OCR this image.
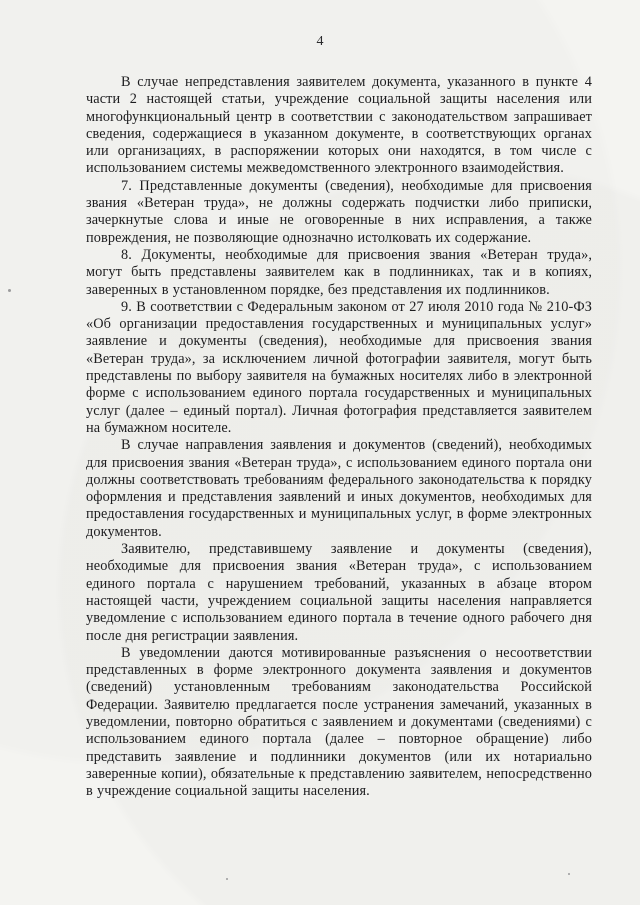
4

В случае непредставления заявителем документа, указанного в пункте 4 части 2 настоящей статьи, учреждение социальной защиты населения или многофункциональный центр в соответствии с законодательством запрашивает сведения, содержащиеся в указанном документе, в соответствующих органах или организациях, в распоряжении которых они находятся, в том числе с использованием системы межведомственного электронного взаимодействия.

7. Представленные документы (сведения), необходимые для присвоения звания «Ветеран труда», не должны содержать подчистки либо приписки, зачеркнутые слова и иные не оговоренные в них исправления, а также повреждения, не позволяющие однозначно истолковать их содержание.

8. Документы, необходимые для присвоения звания «Ветеран труда», могут быть представлены заявителем как в подлинниках, так и в копиях, заверенных в установленном порядке, без представления их подлинников.

9. В соответствии с Федеральным законом от 27 июля 2010 года № 210-ФЗ «Об организации предоставления государственных и муниципальных услуг» заявление и документы (сведения), необходимые для присвоения звания «Ветеран труда», за исключением личной фотографии заявителя, могут быть представлены по выбору заявителя на бумажных носителях либо в электронной форме с использованием единого портала государственных и муниципальных услуг (далее – единый портал). Личная фотография представляется заявителем на бумажном носителе.

В случае направления заявления и документов (сведений), необходимых для присвоения звания «Ветеран труда», с использованием единого портала они должны соответствовать требованиям федерального законодательства к порядку оформления и представления заявлений и иных документов, необходимых для предоставления государственных и муниципальных услуг, в форме электронных документов.

Заявителю, представившему заявление и документы (сведения), необходимые для присвоения звания «Ветеран труда», с использованием единого портала с нарушением требований, указанных в абзаце втором настоящей части, учреждением социальной защиты населения направляется уведомление с использованием единого портала в течение одного рабочего дня после дня регистрации заявления.

В уведомлении даются мотивированные разъяснения о несоответствии представленных в форме электронного документа заявления и документов (сведений) установленным требованиям законодательства Российской Федерации. Заявителю предлагается после устранения замечаний, указанных в уведомлении, повторно обратиться с заявлением и документами (сведениями) с использованием единого портала (далее – повторное обращение) либо представить заявление и подлинники документов (или их нотариально заверенные копии), обязательные к представлению заявителем, непосредственно в учреждение социальной защиты населения.
